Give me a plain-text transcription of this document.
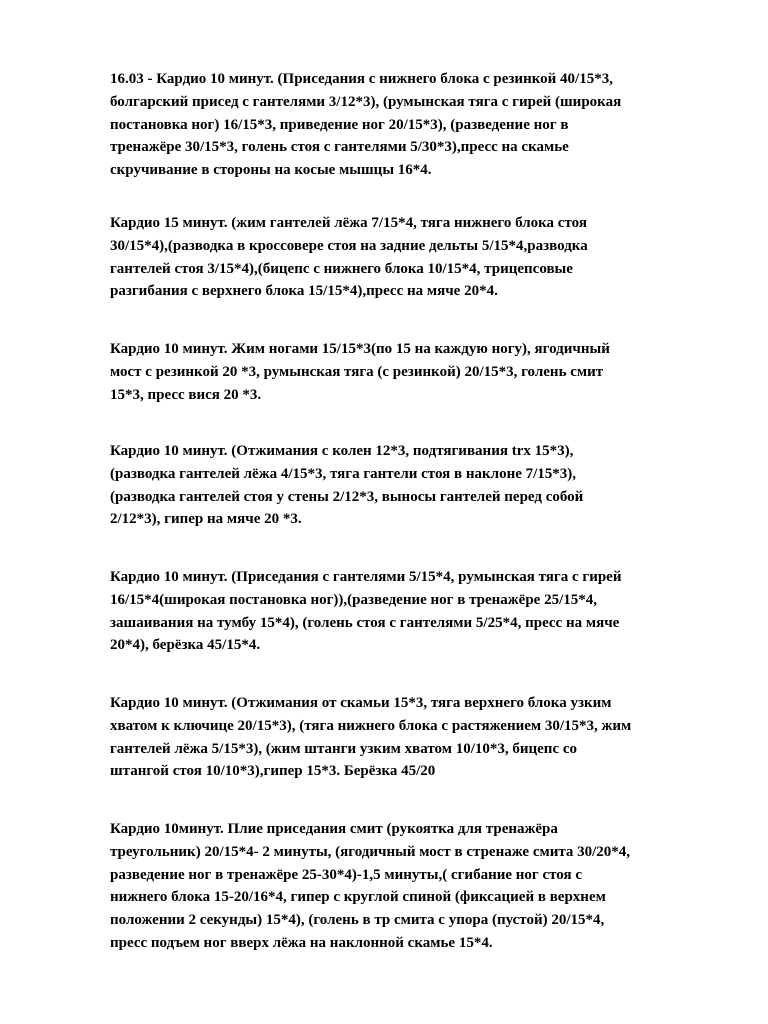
16.03 - Кардио 10 минут. (Приседания с нижнего блока с резинкой 40/15*3,
болгарский присед с гантелями 3/12*3), (румынская тяга с гирей (широкая
постановка ног) 16/15*3, приведение ног 20/15*3), (разведение ног в
тренажёре 30/15*3, голень стоя с гантелями 5/30*3),пресс на скамье
скручивание в стороны на косые мышцы 16*4.

Кардио 15 минут. (жим гантелей лёжа 7/15*4, тяга нижнего блока стоя
30/15*4),(разводка в кроссовере стоя на задние дельты 5/15*4,разводка
гантелей стоя 3/15*4),(бицепс с нижнего блока 10/15*4, трицепсовые
разгибания с верхнего блока 15/15*4),пресс на мяче 20*4.

Кардио 10 минут. Жим ногами 15/15*3(по 15 на каждую ногу), ягодичный
мост с резинкой 20 *3, румынская тяга (с резинкой) 20/15*3, голень смит
15*3, пресс вися 20 *3.

Кардио 10 минут. (Отжимания с колен 12*3, подтягивания trx 15*3),
(разводка гантелей лёжа 4/15*3, тяга гантели стоя в наклоне 7/15*3),
(разводка гантелей стоя у стены 2/12*3, выносы гантелей перед собой
2/12*3), гипер на мяче 20 *3.

Кардио 10 минут. (Приседания с гантелями 5/15*4, румынская тяга с гирей
16/15*4(широкая постановка ног)),(разведение ног в тренажёре 25/15*4,
зашаивания на тумбу 15*4), (голень стоя с гантелями 5/25*4, пресс на мяче
20*4), берёзка 45/15*4.

Кардио 10 минут. (Отжимания от скамьи 15*3, тяга верхнего блока узким
хватом к ключице 20/15*3), (тяга нижнего блока с растяжением 30/15*3, жим
гантелей лёжа 5/15*3), (жим штанги узким хватом 10/10*3, бицепс со
штангой стоя 10/10*3),гипер 15*3. Берёзка 45/20

Кардио 10минут. Плие приседания смит (рукоятка для тренажёра
треугольник) 20/15*4- 2 минуты, (ягодичный мост в стренаже смита 30/20*4,
разведение ног в тренажёре 25-30*4)-1,5 минуты,( сгибание ног стоя с
нижнего блока 15-20/16*4, гипер с круглой спиной (фиксацией в верхнем
положении 2 секунды) 15*4), (голень в тр смита с упора (пустой) 20/15*4,
пресс подъем ног вверх лёжа на наклонной скамье 15*4.
